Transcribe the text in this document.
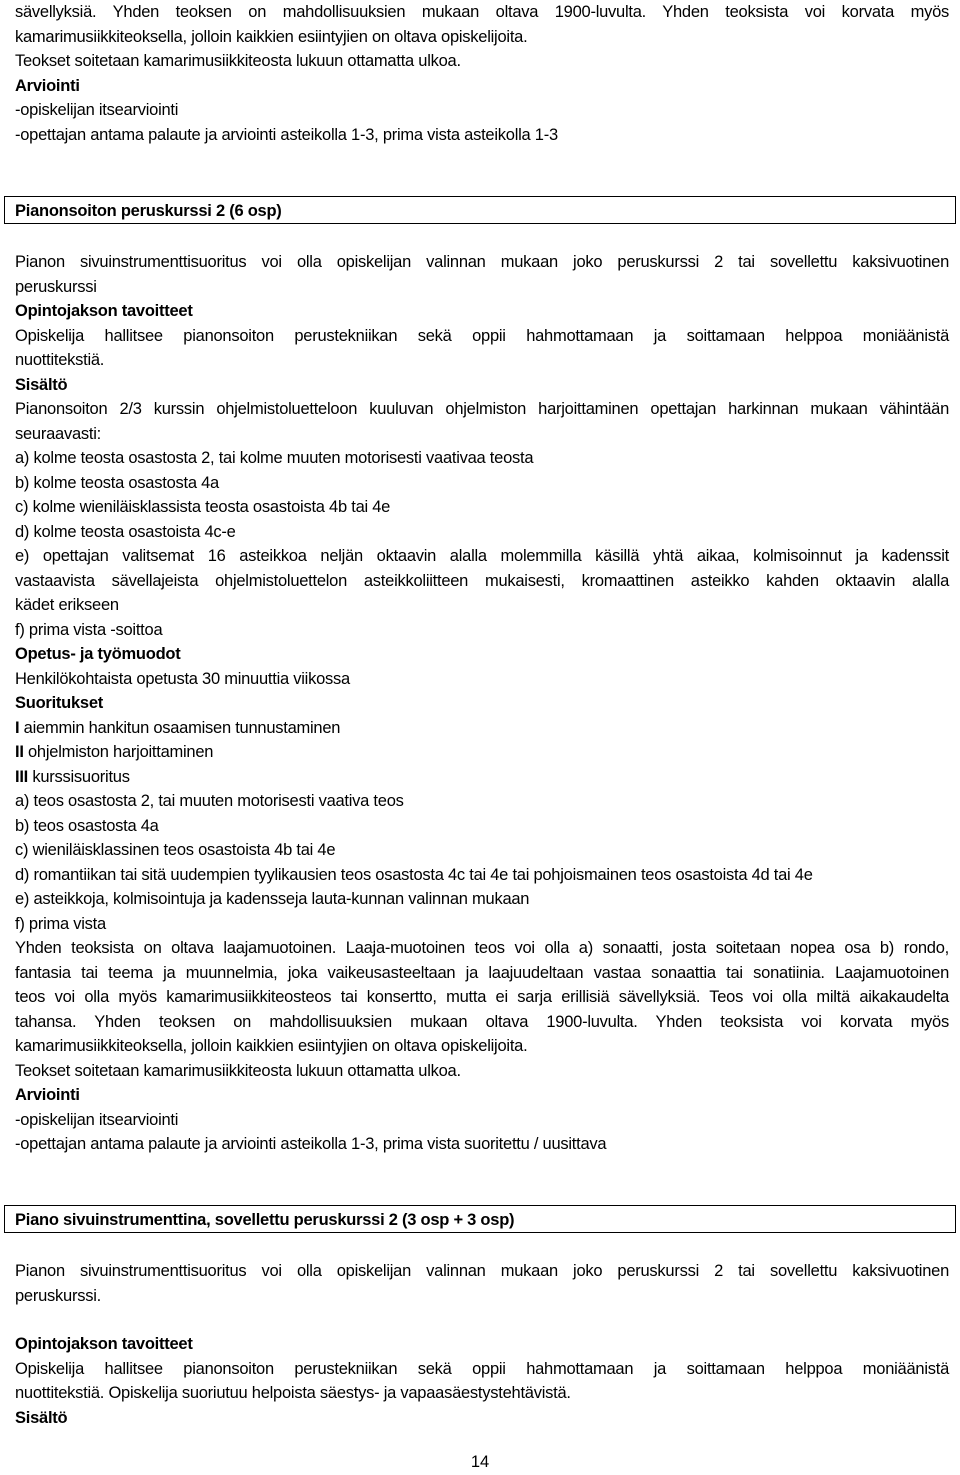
sävellyksiä. Yhden teoksen on mahdollisuuksien mukaan oltava 1900-luvulta. Yhden teoksista voi korvata myös
kamarimusiikkiteoksella, jolloin kaikkien esiintyjien on oltava opiskelijoita.
Teokset soitetaan kamarimusiikkiteosta lukuun ottamatta ulkoa.
Arviointi
-opiskelijan itsearviointi
-opettajan antama palaute ja arviointi asteikolla 1-3, prima vista asteikolla 1-3
Pianonsoiton peruskurssi 2 (6 osp)
Pianon sivuinstrumenttisuoritus voi olla opiskelijan valinnan mukaan joko peruskurssi 2 tai sovellettu kaksivuotinen
peruskurssi
Opintojakson tavoitteet
Opiskelija hallitsee pianonsoiton perustekniikan sekä oppii hahmottamaan ja soittamaan helppoa moniäänistä
nuottitekstiä.
Sisältö
Pianonsoiton 2/3 kurssin ohjelmistoluetteloon kuuluvan ohjelmiston harjoittaminen opettajan harkinnan mukaan vähintään
seuraavasti:
a) kolme teosta osastosta 2, tai kolme muuten motorisesti vaativaa teosta
b) kolme teosta osastosta 4a
c) kolme wieniläisklassista teosta osastoista 4b tai 4e
d) kolme teosta osastoista 4c-e
e) opettajan valitsemat 16 asteikkoa neljän oktaavin alalla molemmilla käsillä yhtä aikaa, kolmisoinnut ja kadenssit
vastaavista sävellajeista ohjelmistoluettelon asteikkoliitteen mukaisesti, kromaattinen asteikko kahden oktaavin alalla
kädet erikseen
f) prima vista -soittoa
Opetus- ja työmuodot
Henkilökohtaista opetusta 30 minuuttia viikossa
Suoritukset
I aiemmin hankitun osaamisen tunnustaminen
II ohjelmiston harjoittaminen
III kurssisuoritus
a) teos osastosta 2, tai muuten motorisesti vaativa teos
b) teos osastosta 4a
c) wieniläisklassinen teos osastoista 4b tai 4e
d) romantiikan tai sitä uudempien tyylikausien teos osastosta 4c tai 4e tai pohjoismainen teos osastoista 4d tai 4e
e) asteikkoja, kolmisointuja ja kadensseja lauta-kunnan valinnan mukaan
f) prima vista
Yhden teoksista on oltava laajamuotoinen. Laaja-muotoinen teos voi olla a) sonaatti, josta soitetaan nopea osa b) rondo,
fantasia tai teema ja muunnelmia, joka vaikeusasteeltaan ja laajuudeltaan vastaa sonaattia tai sonatiinia. Laajamuotoinen
teos voi olla myös kamarimusiikkiteosteos tai konsertto, mutta ei sarja erillisiä sävellyksiä. Teos voi olla miltä aikakaudelta
tahansa. Yhden teoksen on mahdollisuuksien mukaan oltava 1900-luvulta. Yhden teoksista voi korvata myös
kamarimusiikkiteoksella, jolloin kaikkien esiintyjien on oltava opiskelijoita.
Teokset soitetaan kamarimusiikkiteosta lukuun ottamatta ulkoa.
Arviointi
-opiskelijan itsearviointi
-opettajan antama palaute ja arviointi asteikolla 1-3, prima vista suoritettu / uusittava
Piano sivuinstrumenttina, sovellettu peruskurssi 2 (3 osp + 3 osp)
Pianon sivuinstrumenttisuoritus voi olla opiskelijan valinnan mukaan joko peruskurssi 2 tai sovellettu kaksivuotinen
peruskurssi.
Opintojakson tavoitteet
Opiskelija hallitsee pianonsoiton perustekniikan sekä oppii hahmottamaan ja soittamaan helppoa moniäänistä
nuottitekstiä. Opiskelija suoriutuu helpoista säestys- ja vapaasäestystehtävistä.
Sisältö
14
